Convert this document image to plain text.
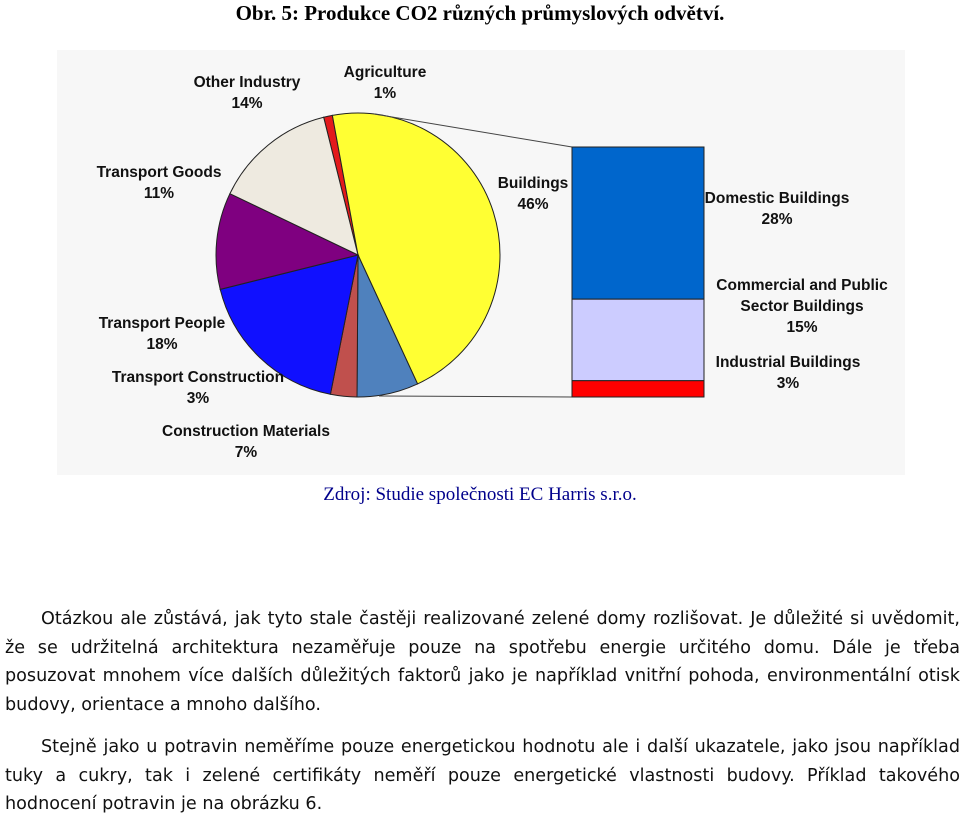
Obr. 5: Produkce CO2 různých průmyslových odvětví.
Agriculture 1%
Buildings 46%
Construction Materials 7%
Transport Construction 3%
Transport People 18%
Transport Goods 11%
Other Industry 14%
Domestic Buildings 28%
Commercial and Public Sector Buildings 15%
Industrial Buildings 3%
Zdroj: Studie společnosti EC Harris s.r.o.

Otázkou ale zůstává, jak tyto stale častěji realizované zelené domy rozlišovat. Je důležité si uvědomit, že se udržitelná architektura nezaměřuje pouze na spotřebu energie určitého domu. Dále je třeba posuzovat mnohem více dalších důležitých faktorů jako je například vnitřní pohoda, environmentální otisk budovy, orientace a mnoho dalšího.

Stejně jako u potravin neměříme pouze energetickou hodnotu ale i další ukazatele, jako jsou například tuky a cukry, tak i zelené certifikáty neměří pouze energetické vlastnosti budovy. Příklad takového hodnocení potravin je na obrázku 6.
